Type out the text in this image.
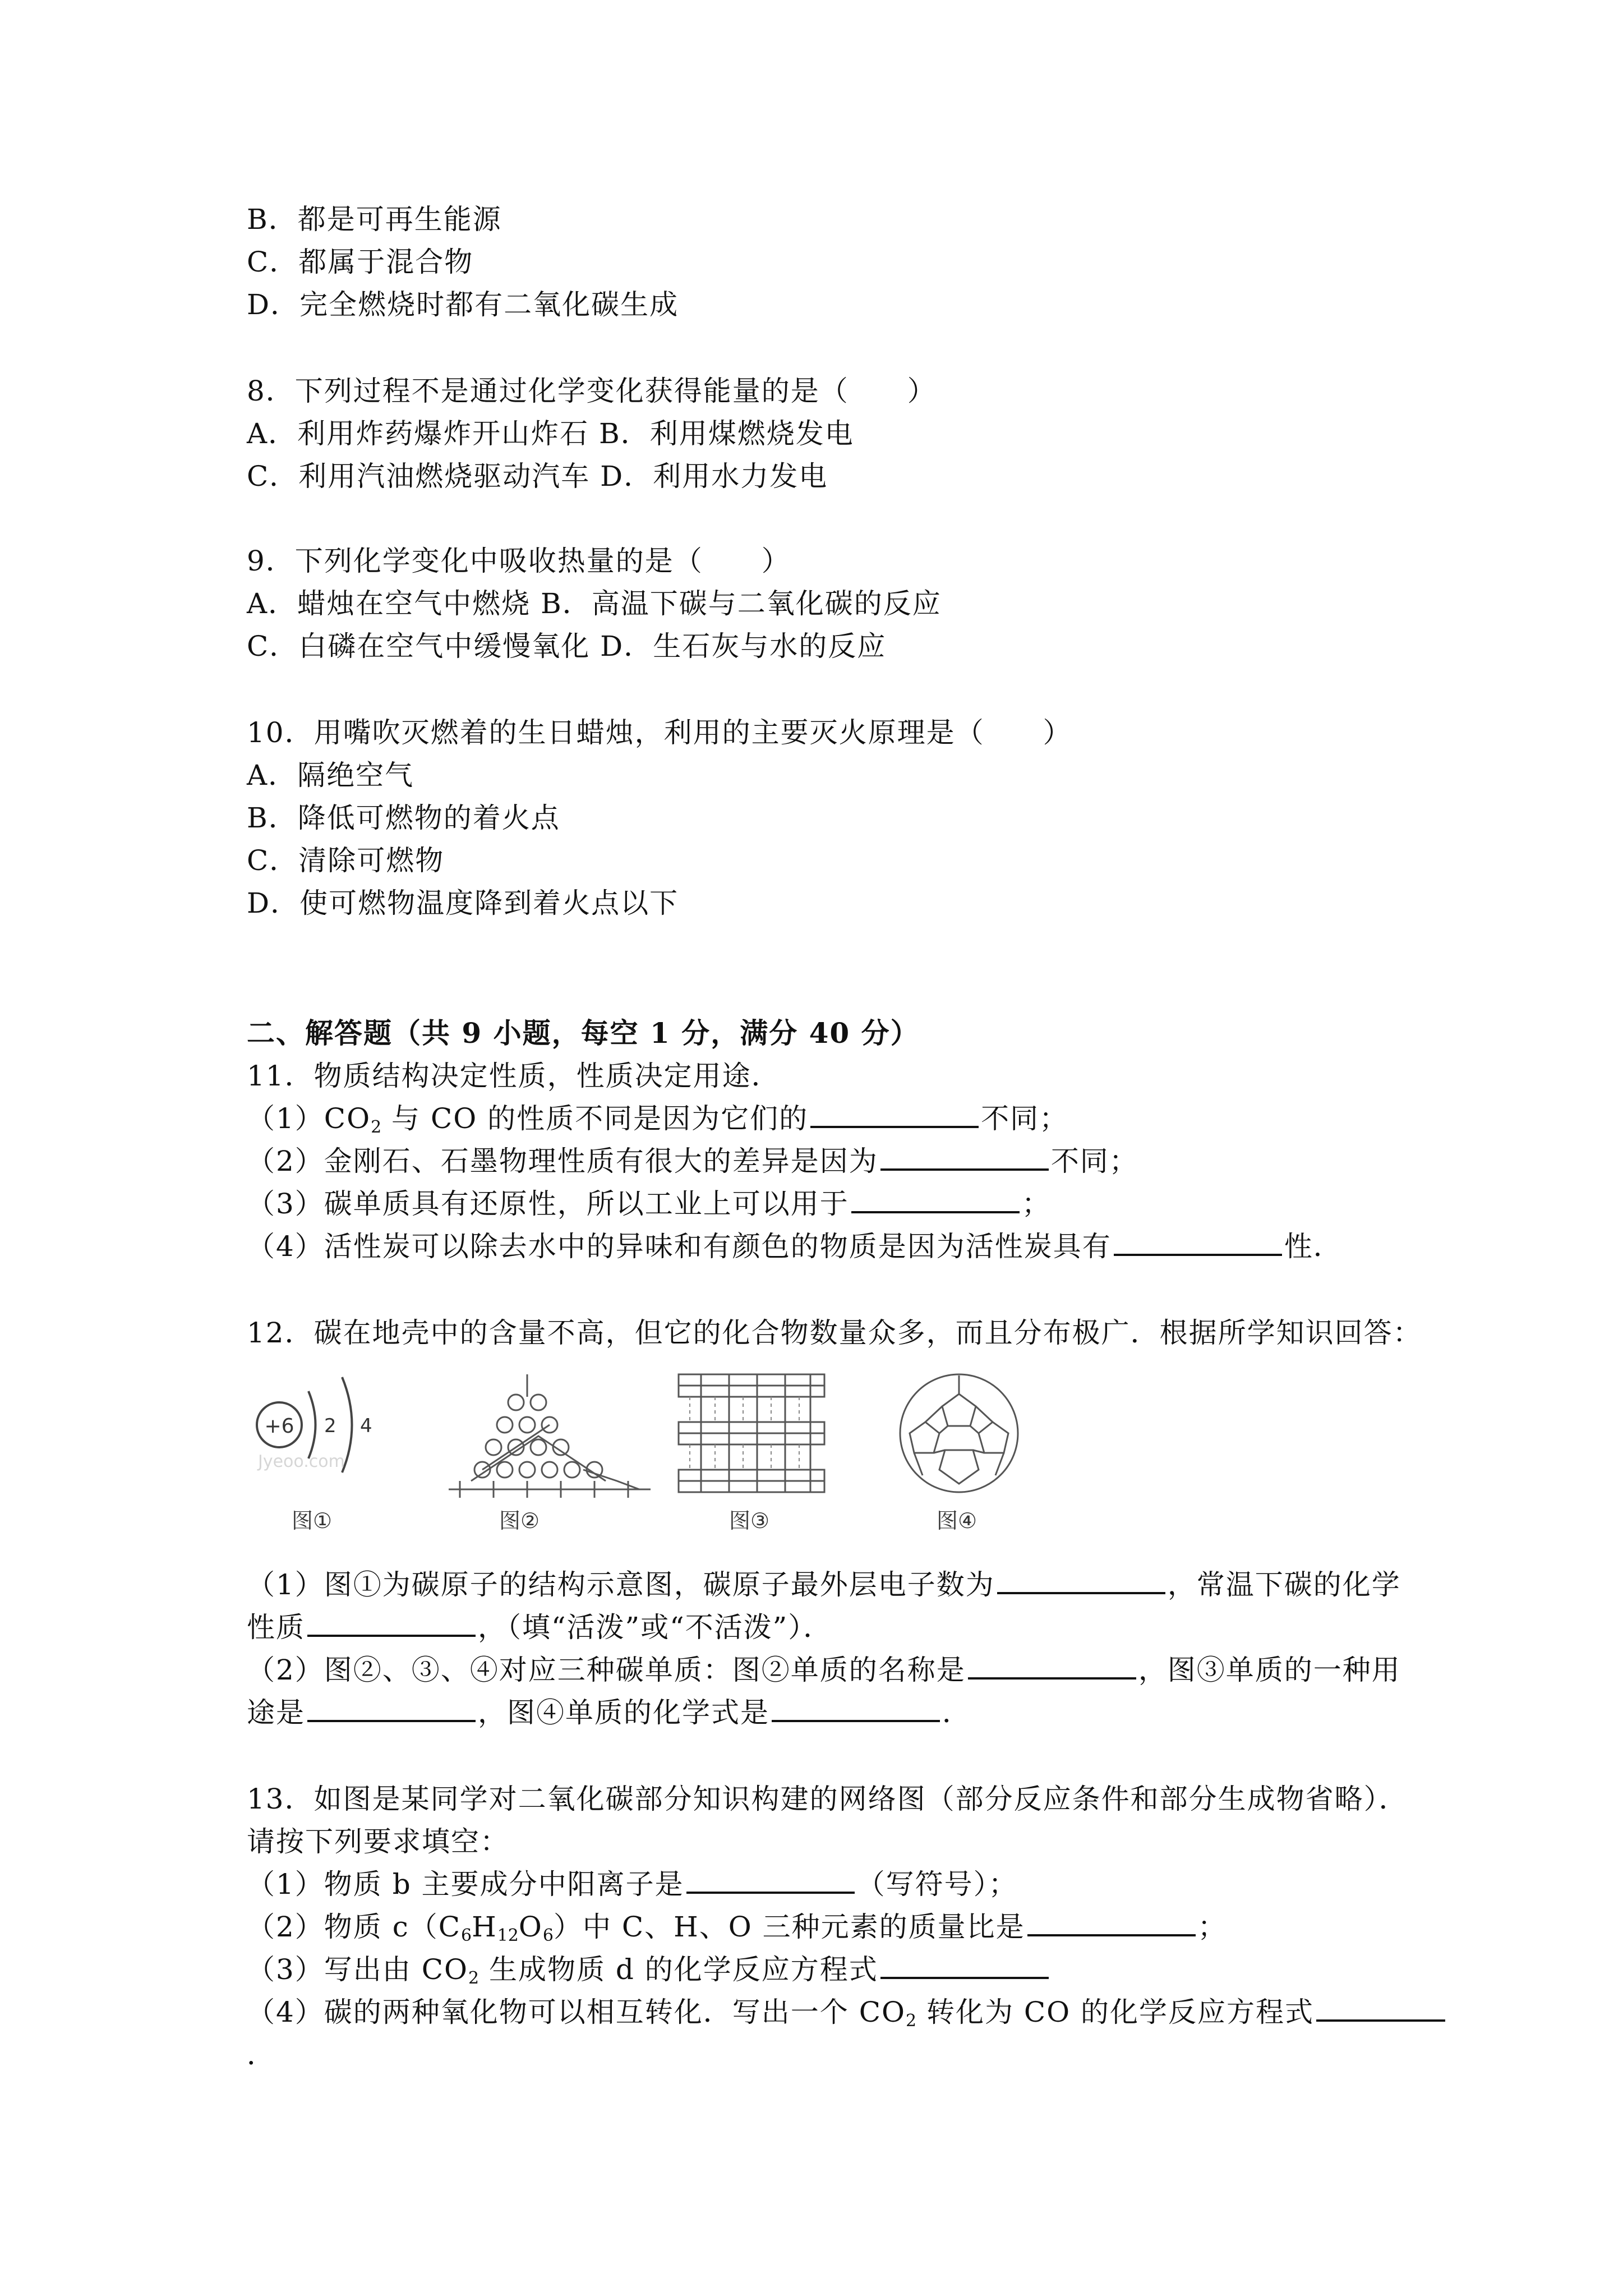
B．都是可再生能源
C．都属于混合物
D．完全燃烧时都有二氧化碳生成
8．下列过程不是通过化学变化获得能量的是（　　）
A．利用炸药爆炸开山炸石 B．利用煤燃烧发电
C．利用汽油燃烧驱动汽车 D．利用水力发电
9．下列化学变化中吸收热量的是（　　）
A．蜡烛在空气中燃烧 B．高温下碳与二氧化碳的反应
C．白磷在空气中缓慢氧化 D．生石灰与水的反应
10．用嘴吹灭燃着的生日蜡烛，利用的主要灭火原理是（　　）
A．隔绝空气
B．降低可燃物的着火点
C．清除可燃物
D．使可燃物温度降到着火点以下
二、解答题（共 9 小题，每空 1 分，满分 40 分）
11．物质结构决定性质，性质决定用途．
$(1)CO_2$ 与 CO 的性质不同是因为它们的	不同；
（2）金刚石、石墨物理性质有很大的差异是因为	不同；
（3）碳单质具有还原性，所以工业上可以用于	；
（4）活性炭可以除去水中的异味和有颜色的物质是因为活性炭具有	性．
12．碳在地壳中的含量不高，但它的化合物数量众多，而且分布极广．根据所学知识回答：
+6 2 4
Jyeoo.com
图①	图②	图③	图④
（1）图①为碳原子的结构示意图，碳原子最外层电子数为	，常温下碳的化学
性质	，（填“活泼”或“不活泼”）．
（2）图②、③、④对应三种碳单质：图②单质的名称是	，图③单质的一种用
途是	，图④单质的化学式是	．
13．如图是某同学对二氧化碳部分知识构建的网络图（部分反应条件和部分生成物省略）．
请按下列要求填空：
（1）物质 b 主要成分中阳离子是	（写符号）；
（2）物质 $c(C_6H_{12}O_6)$中 C、H、O 三种元素的质量比是	；
（3）写出由 $CO_2$ 生成物质 d 的化学反应方程式
（4）碳的两种氧化物可以相互转化．写出一个 $CO_2$ 转化为 CO 的化学反应方程式
．
